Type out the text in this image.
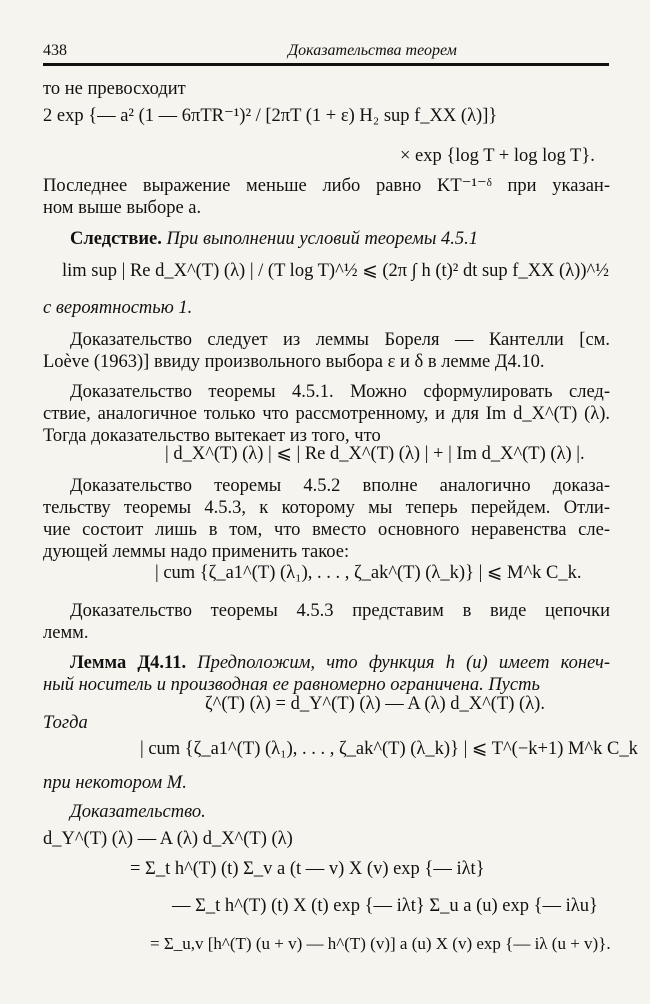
438	Доказательства теорем
то не превосходит
2 exp {— a² (1 — 6πTR⁻¹)² / [2πT (1 + ε) H₂ sup f_XX (λ)]}
× exp {log T + log log T}.
Последнее выражение меньше либо равно KT⁻¹⁻ᵟ при указан-
ном выше выборе a.
Следствие. При выполнении условий теоремы 4.5.1
lim sup | Re d_X^(T) (λ) | / (T log T)^½ ⩽ (2π ∫ h (t)² dt sup f_XX (λ))^½
с вероятностью 1.
Доказательство следует из леммы Бореля — Кантелли [см.
Loève (1963)] ввиду произвольного выбора ε и δ в лемме Д4.10.
Доказательство теоремы 4.5.1. Можно сформулировать след-
ствие, аналогичное только что рассмотренному, и для Im d_X^(T) (λ).
Тогда доказательство вытекает из того, что
| d_X^(T) (λ) | ⩽ | Re d_X^(T) (λ) | + | Im d_X^(T) (λ) |.
Доказательство теоремы 4.5.2 вполне аналогично доказа-
тельству теоремы 4.5.3, к которому мы теперь перейдем. Отли-
чие состоит лишь в том, что вместо основного неравенства сле-
дующей леммы надо применить такое:
| cum {ζ_a1^(T) (λ₁), . . . , ζ_ak^(T) (λ_k)} | ⩽ M^k C_k.
Доказательство теоремы 4.5.3 представим в виде цепочки
лемм.
Лемма Д4.11. Предположим, что функция h (u) имеет конеч-
ный носитель и производная ее равномерно ограничена. Пусть
ζ^(T) (λ) = d_Y^(T) (λ) — A (λ) d_X^(T) (λ).
Тогда
| cum {ζ_a1^(T) (λ₁), . . . , ζ_ak^(T) (λ_k)} | ⩽ T^(−k+1) M^k C_k
при некотором M.
Доказательство.
d_Y^(T) (λ) — A (λ) d_X^(T) (λ)
= Σ_t h^(T) (t) Σ_v a (t — v) X (v) exp {— iλt}
— Σ_t h^(T) (t) X (t) exp {— iλt} Σ_u a (u) exp {— iλu}
= Σ_u,v [h^(T) (u + v) — h^(T) (v)] a (u) X (v) exp {— iλ (u + v)}.
